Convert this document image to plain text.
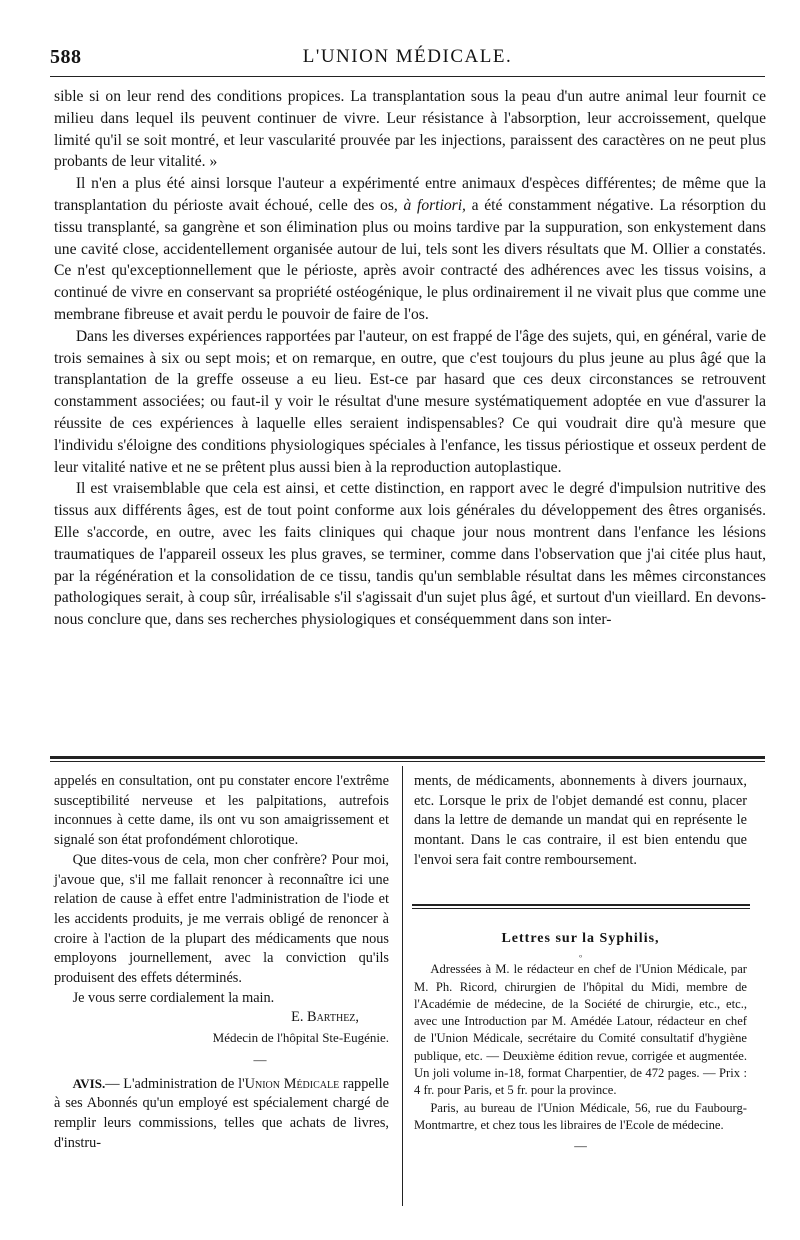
588	L'UNION MÉDICALE.

sible si on leur rend des conditions propices. La transplantation sous la peau d'un autre animal leur fournit ce milieu dans lequel ils peuvent continuer de vivre. Leur résistance à l'absorption, leur accroissement, quelque limité qu'il se soit montré, et leur vascularité prouvée par les injections, paraissent des caractères on ne peut plus probants de leur vitalité. »

Il n'en a plus été ainsi lorsque l'auteur a expérimenté entre animaux d'espèces différentes; de même que la transplantation du périoste avait échoué, celle des os, à fortiori, a été constamment négative. La résorption du tissu transplanté, sa gangrène et son élimination plus ou moins tardive par la suppuration, son enkystement dans une cavité close, accidentellement organisée autour de lui, tels sont les divers résultats que M. Ollier a constatés. Ce n'est qu'exceptionnellement que le périoste, après avoir contracté des adhérences avec les tissus voisins, a continué de vivre en conservant sa propriété ostéogénique, le plus ordinairement il ne vivait plus que comme une membrane fibreuse et avait perdu le pouvoir de faire de l'os.

Dans les diverses expériences rapportées par l'auteur, on est frappé de l'âge des sujets, qui, en général, varie de trois semaines à six ou sept mois; et on remarque, en outre, que c'est toujours du plus jeune au plus âgé que la transplantation de la greffe osseuse a eu lieu. Est-ce par hasard que ces deux circonstances se retrouvent constamment associées; ou faut-il y voir le résultat d'une mesure systématiquement adoptée en vue d'assurer la réussite de ces expériences à laquelle elles seraient indispensables? Ce qui voudrait dire qu'à mesure que l'individu s'éloigne des conditions physiologiques spéciales à l'enfance, les tissus périostique et osseux perdent de leur vitalité native et ne se prêtent plus aussi bien à la reproduction autoplastique.

Il est vraisemblable que cela est ainsi, et cette distinction, en rapport avec le degré d'impulsion nutritive des tissus aux différents âges, est de tout point conforme aux lois générales du développement des êtres organisés. Elle s'accorde, en outre, avec les faits cliniques qui chaque jour nous montrent dans l'enfance les lésions traumatiques de l'appareil osseux les plus graves, se terminer, comme dans l'observation que j'ai citée plus haut, par la régénération et la consolidation de ce tissu, tandis qu'un semblable résultat dans les mêmes circonstances pathologiques serait, à coup sûr, irréalisable s'il s'agissait d'un sujet plus âgé, et surtout d'un vieillard. En devons-nous conclure que, dans ses recherches physiologiques et conséquemment dans son inter-

appelés en consultation, ont pu constater encore l'extrême susceptibilité nerveuse et les palpitations, autrefois inconnues à cette dame, ils ont vu son amaigrissement et signalé son état profondément chlorotique.

Que dites-vous de cela, mon cher confrère? Pour moi, j'avoue que, s'il me fallait renoncer à reconnaître ici une relation de cause à effet entre l'administration de l'iode et les accidents produits, je me verrais obligé de renoncer à croire à l'action de la plupart des médicaments que nous employons journellement, avec la conviction qu'ils produisent des effets déterminés.

Je vous serre cordialement la main.

E. Barthez,

Médecin de l'hôpital Ste-Eugénie.

—

AVIS.— L'administration de l'Union Médicale rappelle à ses Abonnés qu'un employé est spécialement chargé de remplir leurs commissions, telles que achats de livres, d'instru-

ments, de médicaments, abonnements à divers journaux, etc. Lorsque le prix de l'objet demandé est connu, placer dans la lettre de demande un mandat qui en représente le montant. Dans le cas contraire, il est bien entendu que l'envoi sera fait contre remboursement.

Lettres sur la Syphilis,

ᵒ

Adressées à M. le rédacteur en chef de l'Union Médicale, par M. Ph. Ricord, chirurgien de l'hôpital du Midi, membre de l'Académie de médecine, de la Société de chirurgie, etc., etc., avec une Introduction par M. Amédée Latour, rédacteur en chef de l'Union Médicale, secrétaire du Comité consultatif d'hygiène publique, etc. — Deuxième édition revue, corrigée et augmentée. Un joli volume in-18, format Charpentier, de 472 pages. — Prix : 4 fr. pour Paris, et 5 fr. pour la province.

Paris, au bureau de l'Union Médicale, 56, rue du Faubourg-Montmartre, et chez tous les libraires de l'Ecole de médecine.

—
